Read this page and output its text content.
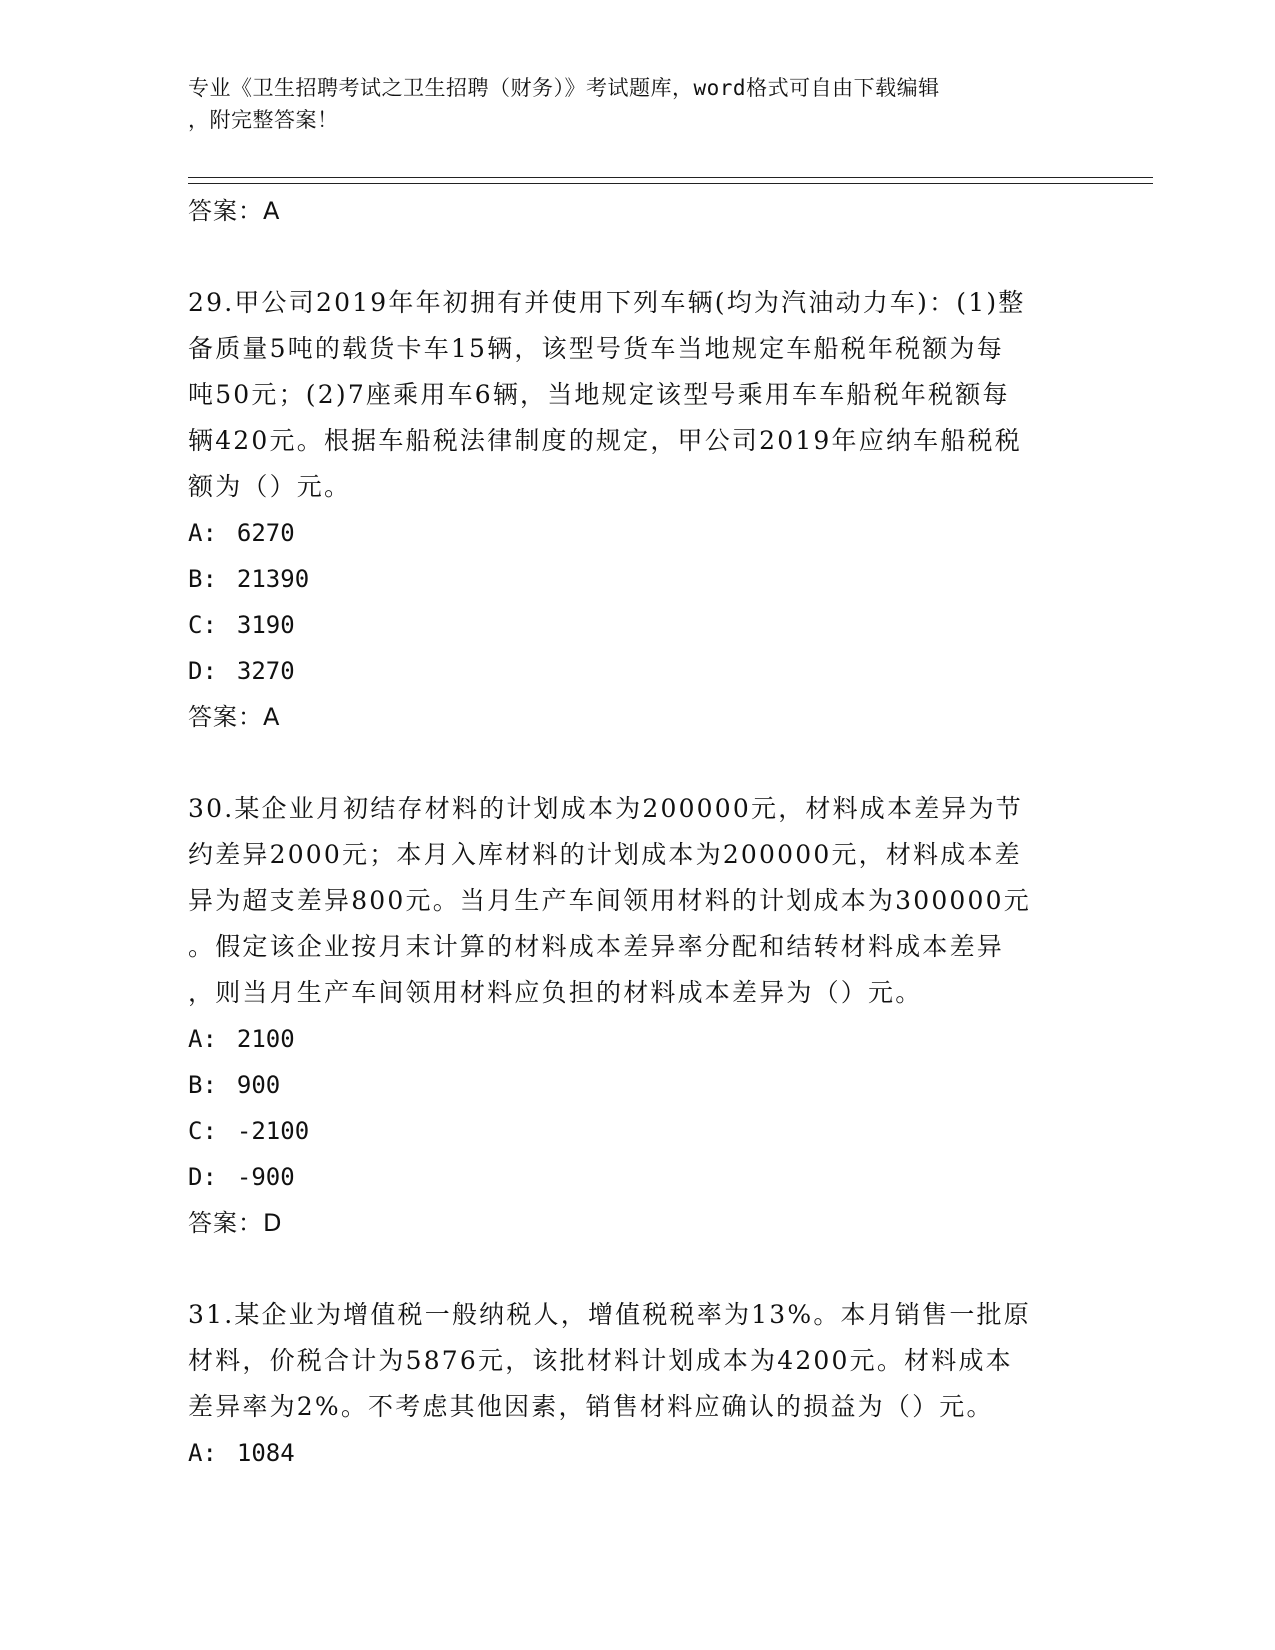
专业《卫生招聘考试之卫生招聘（财务）》考试题库，word格式可自由下载编辑
，附完整答案！
答案：A
29.甲公司2019年年初拥有并使用下列车辆(均为汽油动力车)：(1)整
备质量5吨的载货卡车15辆，该型号货车当地规定车船税年税额为每
吨50元；(2)7座乘用车6辆，当地规定该型号乘用车车船税年税额每
辆420元。根据车船税法律制度的规定，甲公司2019年应纳车船税税
额为（）元。
A: 6270
B: 21390
C: 3190
D: 3270
答案：A
30.某企业月初结存材料的计划成本为200000元，材料成本差异为节
约差异2000元；本月入库材料的计划成本为200000元，材料成本差
异为超支差异800元。当月生产车间领用材料的计划成本为300000元
。假定该企业按月末计算的材料成本差异率分配和结转材料成本差异
，则当月生产车间领用材料应负担的材料成本差异为（）元。
A: 2100
B: 900
C: -2100
D: -900
答案：D
31.某企业为增值税一般纳税人，增值税税率为13%。本月销售一批原
材料，价税合计为5876元，该批材料计划成本为4200元。材料成本
差异率为2%。不考虑其他因素，销售材料应确认的损益为（）元。
A: 1084
